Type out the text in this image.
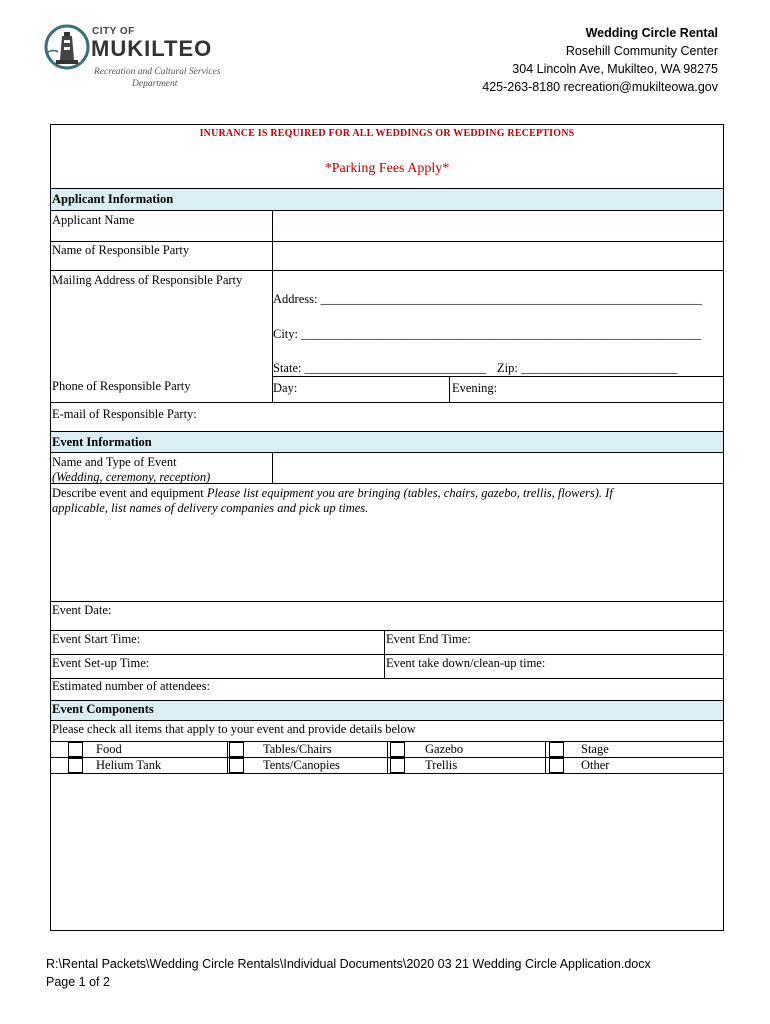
CITY OF
MUKILTEO
Recreation and Cultural Services
Department
Wedding Circle Rental
Rosehill Community Center
304 Lincoln Ave, Mukilteo, WA 98275
425-263-8180 recreation@mukilteowa.gov
INURANCE IS REQUIRED FOR ALL WEDDINGS OR WEDDING RECEPTIONS
*Parking Fees Apply*
Applicant Information
Applicant Name
Name of Responsible Party
Mailing Address of Responsible Party
Address: _____________________________________________________________
City: ________________________________________________________________
State: _____________________________ Zip: _________________________
Phone of Responsible Party	Day:	Evening:
E-mail of Responsible Party:
Event Information
Name and Type of Event
(Wedding, ceremony, reception)
Describe event and equipment Please list equipment you are bringing (tables, chairs, gazebo, trellis, flowers). If
applicable, list names of delivery companies and pick up times.
Event Date:
Event Start Time:	Event End Time:
Event Set-up Time:	Event take down/clean-up time:
Estimated number of attendees:
Event Components
Please check all items that apply to your event and provide details below
Food	Tables/Chairs	Gazebo	Stage
Helium Tank	Tents/Canopies	Trellis	Other
R:\Rental Packets\Wedding Circle Rentals\Individual Documents\2020 03 21 Wedding Circle Application.docx
Page 1 of 2
